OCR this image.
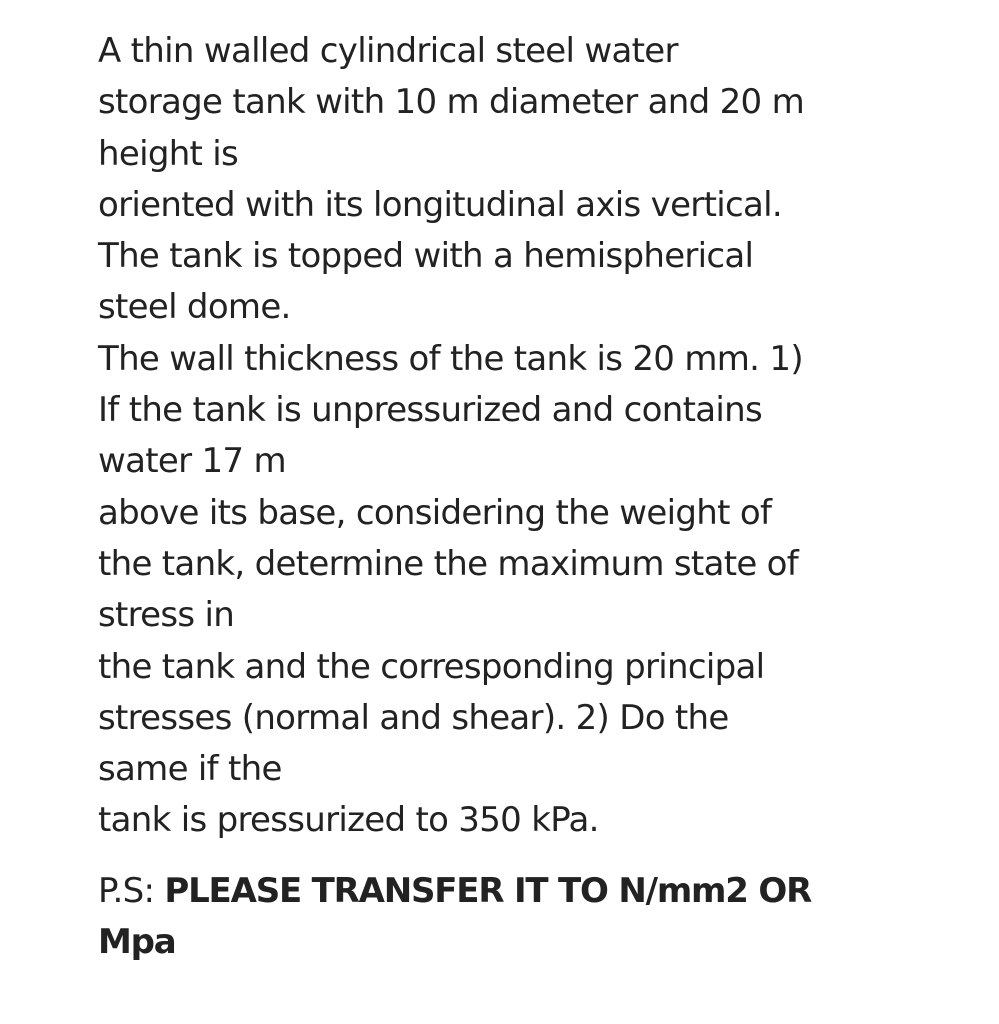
A thin walled cylindrical steel water
storage tank with 10 m diameter and 20 m
height is
oriented with its longitudinal axis vertical.
The tank is topped with a hemispherical
steel dome.
The wall thickness of the tank is 20 mm. 1)
If the tank is unpressurized and contains
water 17 m
above its base, considering the weight of
the tank, determine the maximum state of
stress in
the tank and the corresponding principal
stresses (normal and shear). 2) Do the
same if the
tank is pressurized to 350 kPa.
P.S: PLEASE TRANSFER IT TO N/mm2 OR
Mpa
